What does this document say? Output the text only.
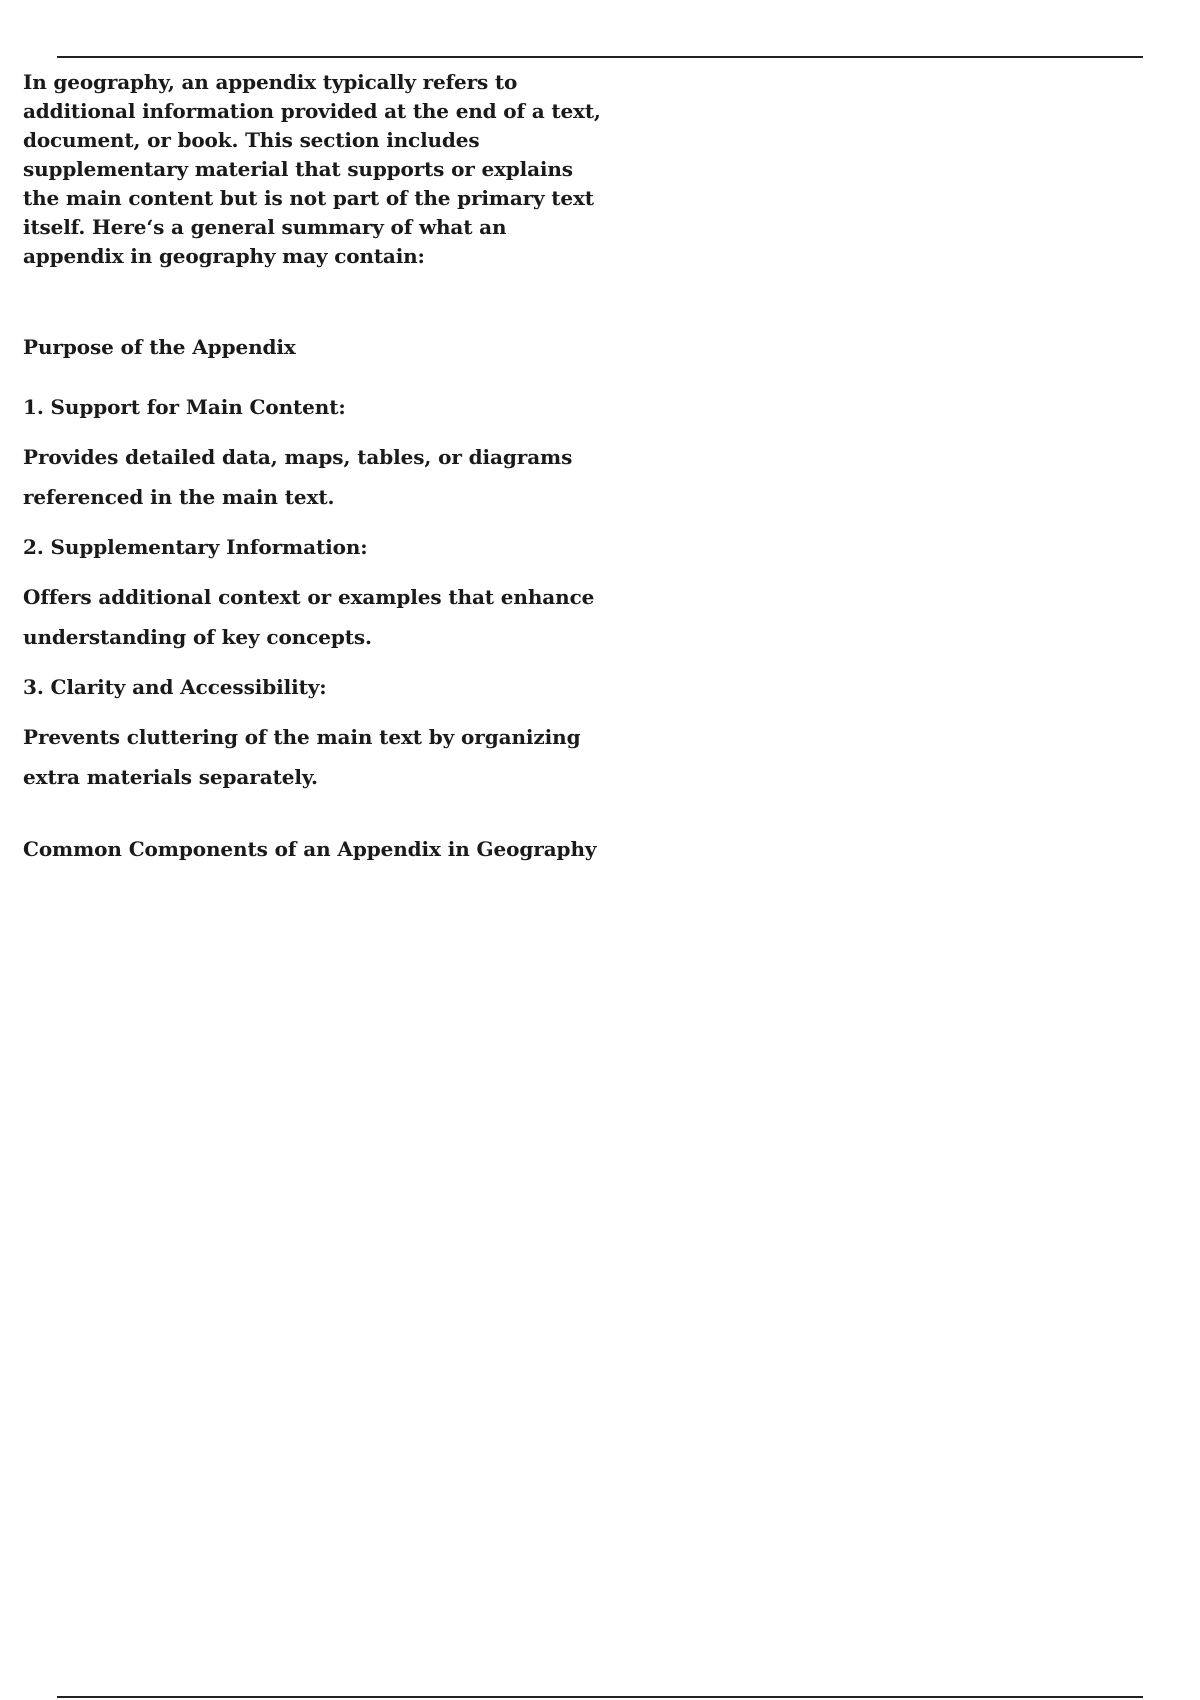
In geography, an appendix typically refers to additional information provided at the end of a text, document, or book. This section includes supplementary material that supports or explains the main content but is not part of the primary text itself. Here‘s a general summary of what an appendix in geography may contain:

Purpose of the Appendix

1. Support for Main Content:

Provides detailed data, maps, tables, or diagrams referenced in the main text.

2. Supplementary Information:

Offers additional context or examples that enhance understanding of key concepts.

3. Clarity and Accessibility:

Prevents cluttering of the main text by organizing extra materials separately.

Common Components of an Appendix in Geography
